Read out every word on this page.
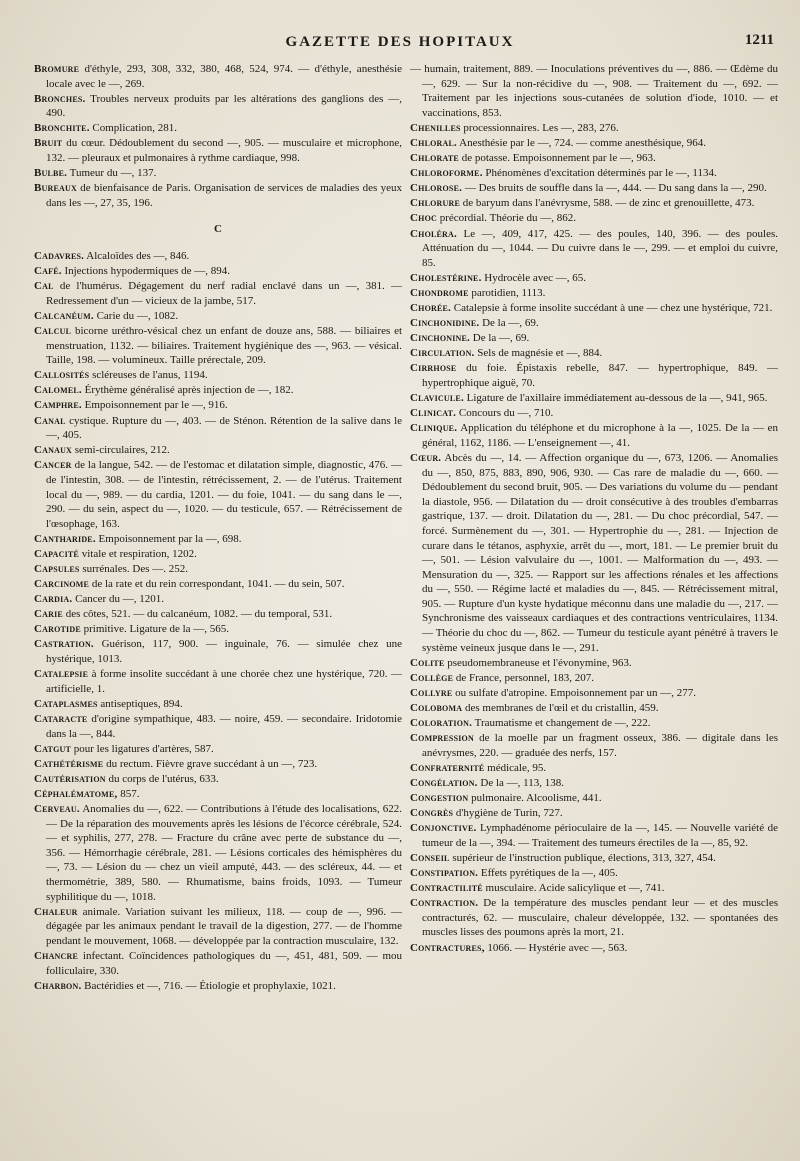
GAZETTE DES HOPITAUX	1211

Bromure d'éthyle, 293, 308, 332, 380, 468, 524, 974. — d'éthyle, anesthésie locale avec le —, 269.

Bronches. Troubles nerveux produits par les altérations des ganglions des —, 490.

Bronchite. Complication, 281.

Bruit du cœur. Dédoublement du second —, 905. — musculaire et microphone, 132. — pleuraux et pulmonaires à rythme cardiaque, 998.

Bulbe. Tumeur du —, 137.

Bureaux de bienfaisance de Paris. Organisation de services de maladies des yeux dans les —, 27, 35, 196.

C

Cadavres. Alcaloïdes des —, 846.

Café. Injections hypodermiques de —, 894.

Cal de l'humérus. Dégagement du nerf radial enclavé dans un —, 381. — Redressement d'un — vicieux de la jambe, 517.

Calcanéum. Carie du —, 1082.

Calcul bicorne uréthro-vésical chez un enfant de douze ans, 588. — biliaires et menstruation, 1132. — biliaires. Traitement hygiénique des —, 963. — vésical. Taille, 198. — volumineux. Taille prérectale, 209.

Callosités scléreuses de l'anus, 1194.

Calomel. Érythème généralisé après injection de —, 182.

Camphre. Empoisonnement par le —, 916.

Canal cystique. Rupture du —, 403. — de Sténon. Rétention de la salive dans le —, 405.

Canaux semi-circulaires, 212.

Cancer de la langue, 542. — de l'estomac et dilatation simple, diagnostic, 476. — de l'intestin, 308. — de l'intestin, rétrécissement, 2. — de l'utérus. Traitement local du —, 989. — du cardia, 1201. — du foie, 1041. — du sang dans le —, 290. — du sein, aspect du —, 1020. — du testicule, 657. — Rétrécissement de l'œsophage, 163.

Cantharide. Empoisonnement par la —, 698.

Capacité vitale et respiration, 1202.

Capsules surrénales. Des —. 252.

Carcinome de la rate et du rein correspondant, 1041. — du sein, 507.

Cardia. Cancer du —, 1201.

Carie des côtes, 521. — du calcanéum, 1082. — du temporal, 531.

Carotide primitive. Ligature de la —, 565.

Castration. Guérison, 117, 900. — inguinale, 76. — simulée chez une hystérique, 1013.

Catalepsie à forme insolite succédant à une chorée chez une hystérique, 720. — artificielle, 1.

Cataplasmes antiseptiques, 894.

Cataracte d'origine sympathique, 483. — noire, 459. — secondaire. Iridotomie dans la —, 844.

Catgut pour les ligatures d'artères, 587.

Cathétérisme du rectum. Fièvre grave succédant à un —, 723.

Cautérisation du corps de l'utérus, 633.

Céphalématome, 857.

Cerveau. Anomalies du —, 622. — Contributions à l'étude des localisations, 622. — De la réparation des mouvements après les lésions de l'écorce cérébrale, 524. — et syphilis, 277, 278. — Fracture du crâne avec perte de substance du —, 356. — Hémorrhagie cérébrale, 281. — Lésions corticales des hémisphères du —, 73. — Lésion du — chez un vieil amputé, 443. — des scléreux, 44. — et thermométrie, 389, 580. — Rhumatisme, bains froids, 1093. — Tumeur syphilitique du —, 1018.

Chaleur animale. Variation suivant les milieux, 118. — coup de —, 996. — dégagée par les animaux pendant le travail de la digestion, 277. — de l'homme pendant le mouvement, 1068. — développée par la contraction musculaire, 132.

Chancre infectant. Coïncidences pathologiques du —, 451, 481, 509. — mou folliculaire, 330.

Charbon. Bactéridies et —, 716. — Étiologie et prophylaxie, 1021.

— humain, traitement, 889. — Inoculations préventives du —, 886. — Œdème du —, 629. — Sur la non-récidive du —, 908. — Traitement du —, 692. — Traitement par les injections sous-cutanées de solution d'iode, 1010. — et vaccinations, 853.

Chenilles processionnaires. Les —, 283, 276.

Chloral. Anesthésie par le —, 724. — comme anesthésique, 964.

Chlorate de potasse. Empoisonnement par le —, 963.

Chloroforme. Phénomènes d'excitation déterminés par le —, 1134.

Chlorose. — Des bruits de souffle dans la —, 444. — Du sang dans la —, 290.

Chlorure de baryum dans l'anévrysme, 588. — de zinc et grenouillette, 473.

Choc précordial. Théorie du —, 862.

Choléra. Le —, 409, 417, 425. — des poules, 140, 396. — des poules. Atténuation du —, 1044. — Du cuivre dans le —, 299. — et emploi du cuivre, 85.

Cholestérine. Hydrocèle avec —, 65.

Chondrome parotidien, 1113.

Chorée. Catalepsie à forme insolite succédant à une — chez une hystérique, 721.

Cinchonidine. De la —, 69.

Cinchonine. De la —, 69.

Circulation. Sels de magnésie et —, 884.

Cirrhose du foie. Épistaxis rebelle, 847. — hypertrophique, 849. — hypertrophique aiguë, 70.

Clavicule. Ligature de l'axillaire immédiatement au-dessous de la —, 941, 965.

Clinicat. Concours du —, 710.

Clinique. Application du téléphone et du microphone à la —, 1025. De la — en général, 1162, 1186. — L'enseignement —, 41.

Cœur. Abcès du —, 14. — Affection organique du —, 673, 1206. — Anomalies du —, 850, 875, 883, 890, 906, 930. — Cas rare de maladie du —, 660. — Dédoublement du second bruit, 905. — Des variations du volume du — pendant la diastole, 956. — Dilatation du — droit consécutive à des troubles d'embarras gastrique, 137. — droit. Dilatation du —, 281. — Du choc précordial, 547. — forcé. Surmènement du —, 301. — Hypertrophie du —, 281. — Injection de curare dans le tétanos, asphyxie, arrêt du —, mort, 181. — Le premier bruit du —, 501. — Lésion valvulaire du —, 1001. — Malformation du —, 493. — Mensuration du —, 325. — Rapport sur les affections rénales et les affections du —, 550. — Régime lacté et maladies du —, 845. — Rétrécissement mitral, 905. — Rupture d'un kyste hydatique méconnu dans une maladie du —, 217. — Synchronisme des vaisseaux cardiaques et des contractions ventriculaires, 1134. — Théorie du choc du —, 862. — Tumeur du testicule ayant pénétré à travers le système veineux jusque dans le —, 291.

Colite pseudomembraneuse et l'évonymine, 963.

Collège de France, personnel, 183, 207.

Collyre ou sulfate d'atropine. Empoisonnement par un —, 277.

Coloboma des membranes de l'œil et du cristallin, 459.

Coloration. Traumatisme et changement de —, 222.

Compression de la moelle par un fragment osseux, 386. — digitale dans les anévrysmes, 220. — graduée des nerfs, 157.

Confraternité médicale, 95.

Congélation. De la —, 113, 138.

Congestion pulmonaire. Alcoolisme, 441.

Congrès d'hygiène de Turin, 727.

Conjonctive. Lymphadénome périoculaire de la —, 145. — Nouvelle variété de tumeur de la —, 394. — Traitement des tumeurs érectiles de la —, 85, 92.

Conseil supérieur de l'instruction publique, élections, 313, 327, 454.

Constipation. Effets pyrétiques de la —, 405.

Contractilité musculaire. Acide salicylique et —, 741.

Contraction. De la température des muscles pendant leur — et des muscles contracturés, 62. — musculaire, chaleur développée, 132. — spontanées des muscles lisses des poumons après la mort, 21.

Contractures, 1066. — Hystérie avec —, 563.
